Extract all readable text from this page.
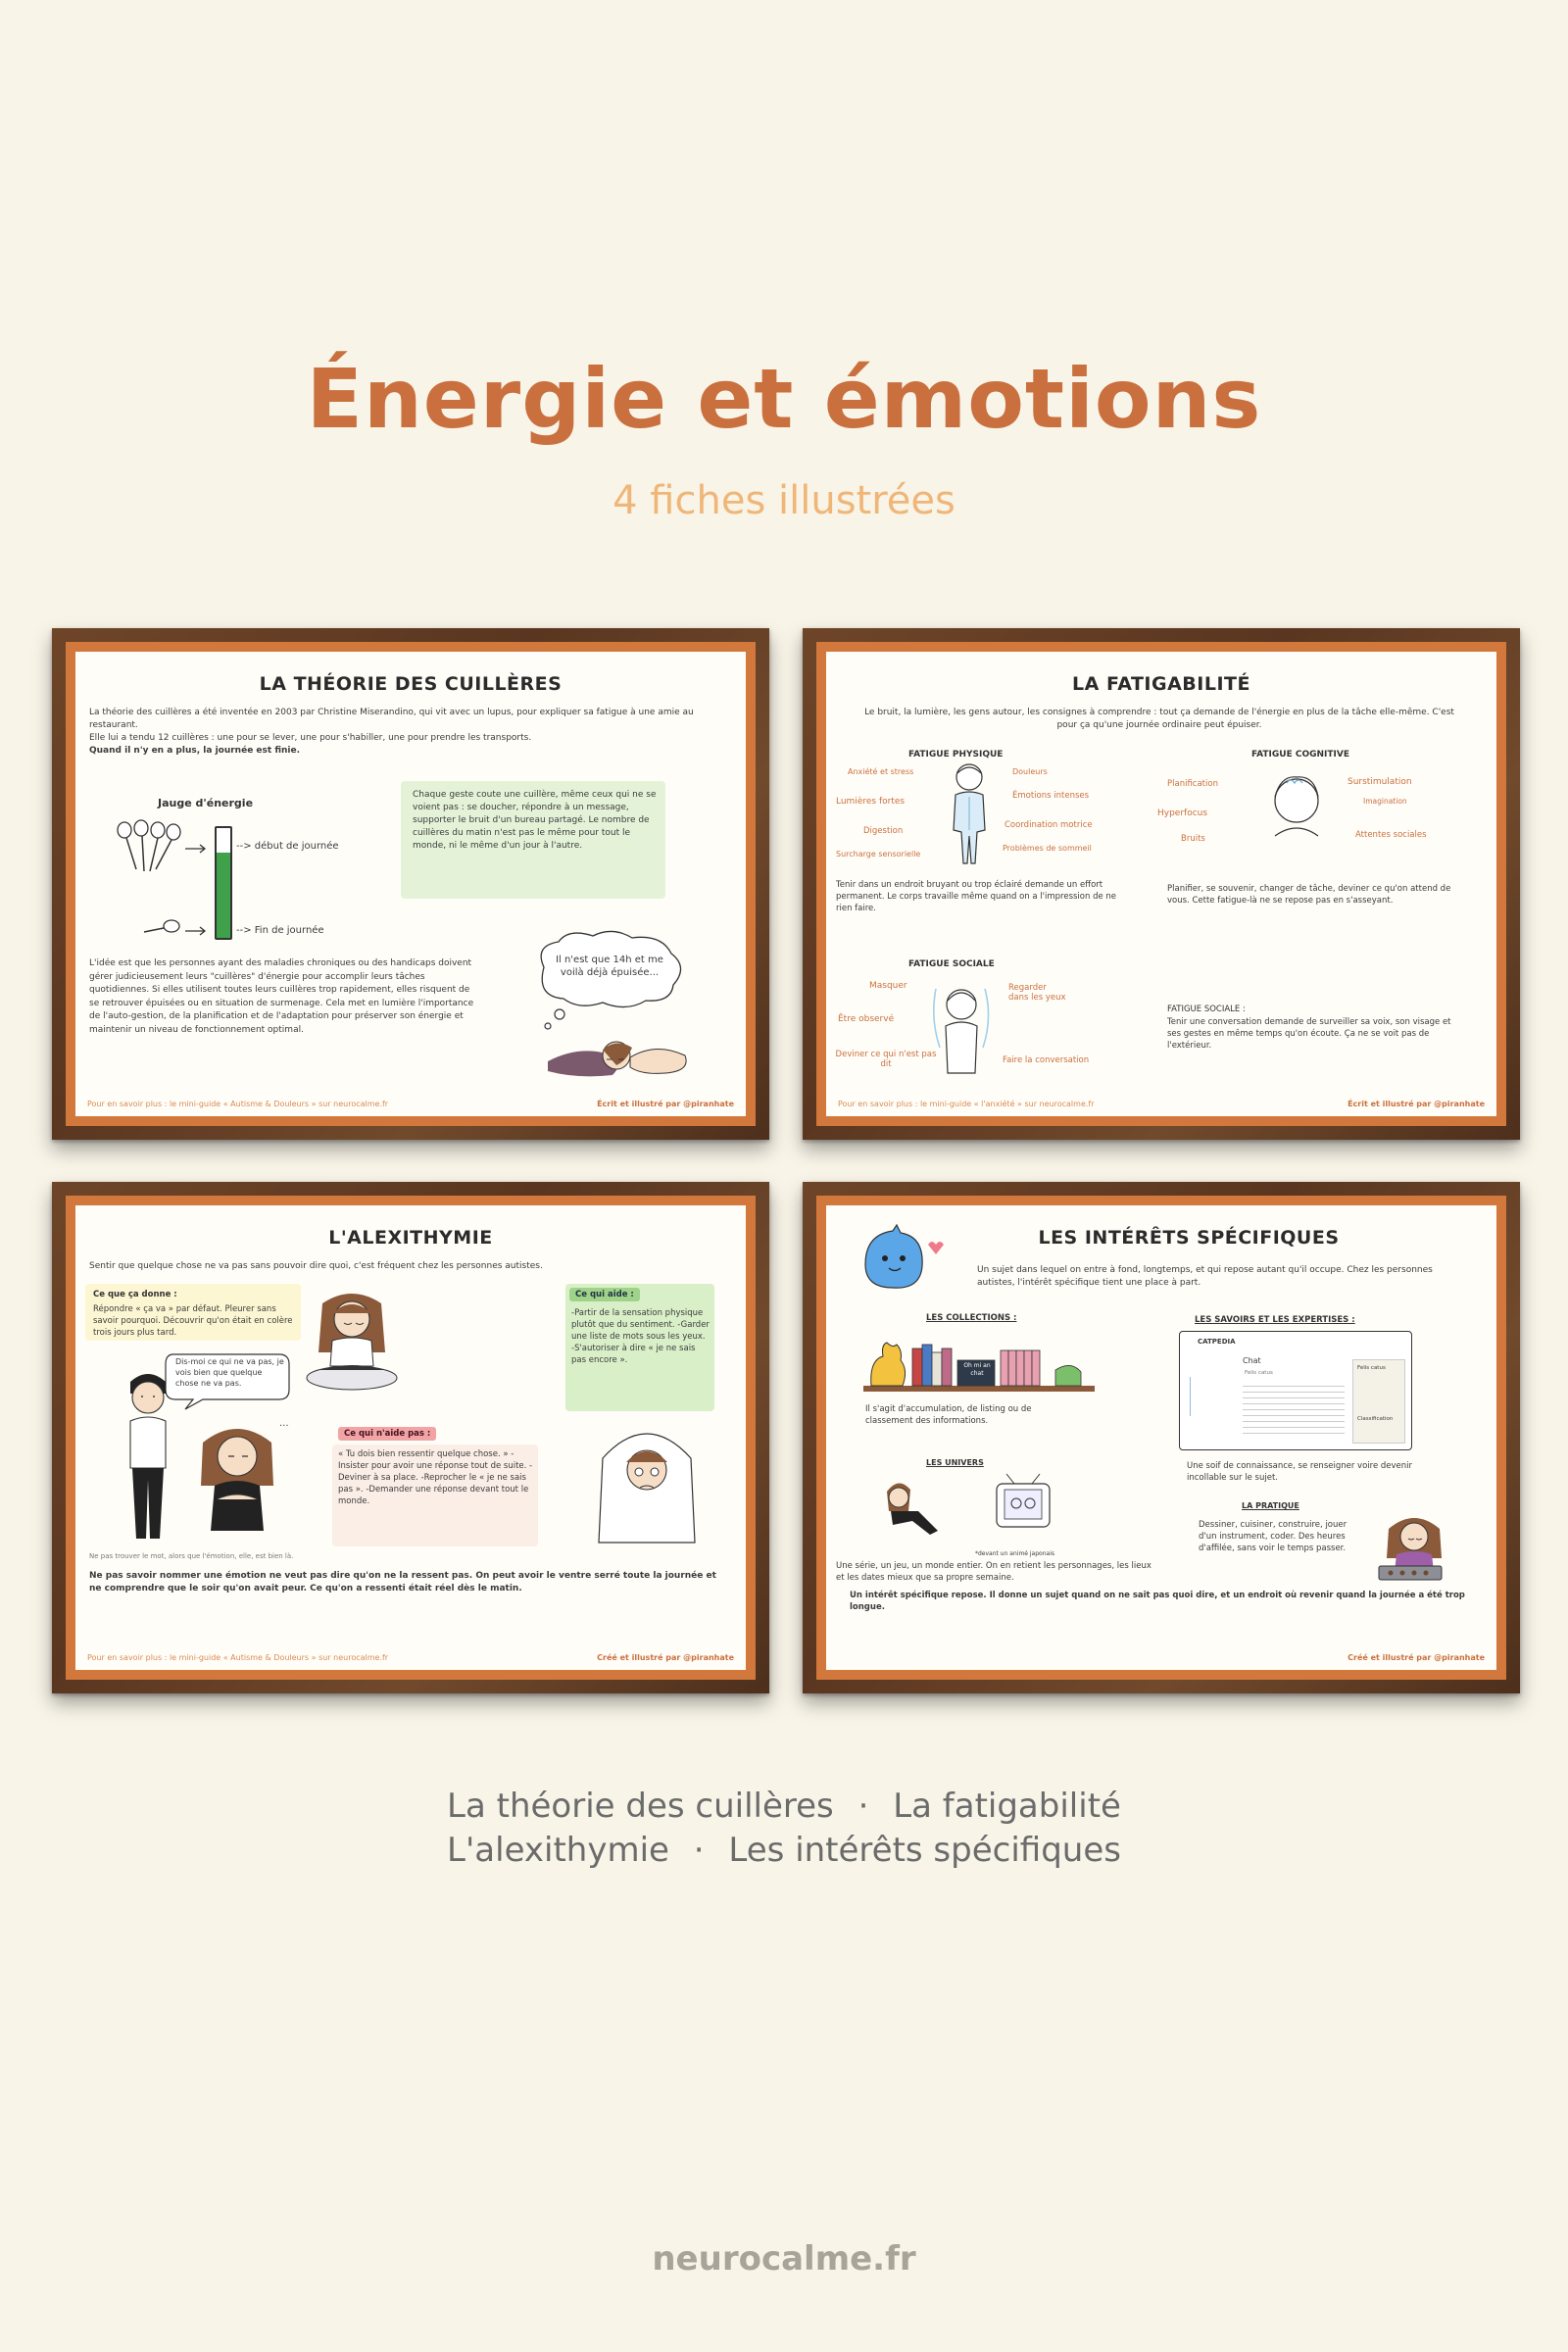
Énergie et émotions
4 fiches illustrées
LA THÉORIE DES CUILLÈRES
La théorie des cuillères a été inventée en 2003 par Christine Miserandino, qui vit avec un lupus, pour expliquer sa fatigue à une amie au restaurant.
Elle lui a tendu 12 cuillères : une pour se lever, une pour s'habiller, une pour prendre les transports.
Quand il n'y en a plus, la journée est finie.
Jauge d'énergie
--> début de journée
--> Fin de journée
Chaque geste coute une cuillère, même ceux qui ne se voient pas : se doucher, répondre à un message, supporter le bruit d'un bureau partagé. Le nombre de cuillères du matin n'est pas le même pour tout le monde, ni le même d'un jour à l'autre.
Il n'est que 14h et me voilà déjà épuisée...
L'idée est que les personnes ayant des maladies chroniques ou des handicaps doivent gérer judicieusement leurs "cuillères" d'énergie pour accomplir leurs tâches quotidiennes. Si elles utilisent toutes leurs cuillères trop rapidement, elles risquent de se retrouver épuisées ou en situation de surmenage. Cela met en lumière l'importance de l'auto-gestion, de la planification et de l'adaptation pour préserver son énergie et maintenir un niveau de fonctionnement optimal.
Pour en savoir plus : le mini-guide « Autisme & Douleurs » sur neurocalme.fr	Écrit et illustré par @piranhate
LA FATIGABILITÉ
Le bruit, la lumière, les gens autour, les consignes à comprendre : tout ça demande de l'énergie en plus de la tâche elle-même. C'est pour ça qu'une journée ordinaire peut épuiser.
FATIGUE PHYSIQUE
Anxiété et stress	Douleurs
Lumières fortes
Émotions intenses
Digestion
Coordination motrice
Surcharge sensorielle
Problèmes de sommeil
Tenir dans un endroit bruyant ou trop éclairé demande un effort permanent. Le corps travaille même quand on a l'impression de ne rien faire.
FATIGUE COGNITIVE
Planification	Surstimulation
Imagination
Hyperfocus
Bruits	Attentes sociales
Planifier, se souvenir, changer de tâche, deviner ce qu'on attend de vous. Cette fatigue-là ne se repose pas en s'asseyant.
FATIGUE SOCIALE
Masquer	Regarder dans les yeux
Être observé
Deviner ce qui n'est pas dit	Faire la conversation
FATIGUE SOCIALE :
Tenir une conversation demande de surveiller sa voix, son visage et ses gestes en même temps qu'on écoute. Ça ne se voit pas de l'extérieur.
Pour en savoir plus : le mini-guide « l'anxiété » sur neurocalme.fr	Écrit et illustré par @piranhate
L'ALEXITHYMIE
Sentir que quelque chose ne va pas sans pouvoir dire quoi, c'est fréquent chez les personnes autistes.
Ce que ça donne :
Répondre « ça va » par défaut. Pleurer sans savoir pourquoi. Découvrir qu'on était en colère trois jours plus tard.
Ce qui aide :
-Partir de la sensation physique plutôt que du sentiment. -Garder une liste de mots sous les yeux. -S'autoriser à dire « je ne sais pas encore ».
Dis-moi ce qui ne va pas, je vois bien que quelque chose ne va pas.
...
Ce qui n'aide pas :
« Tu dois bien ressentir quelque chose. » -Insister pour avoir une réponse tout de suite. -Deviner à sa place. -Reprocher le « je ne sais pas ». -Demander une réponse devant tout le monde.
Ne pas trouver le mot, alors que l'émotion, elle, est bien là.
Ne pas savoir nommer une émotion ne veut pas dire qu'on ne la ressent pas. On peut avoir le ventre serré toute la journée et ne comprendre que le soir qu'on avait peur. Ce qu'on a ressenti était réel dès le matin.
Pour en savoir plus : le mini-guide « Autisme & Douleurs » sur neurocalme.fr	Créé et illustré par @piranhate
LES INTÉRÊTS SPÉCIFIQUES
Un sujet dans lequel on entre à fond, longtemps, et qui repose autant qu'il occupe. Chez les personnes autistes, l'intérêt spécifique tient une place à part.
LES COLLECTIONS :
Oh mi an chat
Il s'agit d'accumulation, de listing ou de classement des informations.
LES SAVOIRS ET LES EXPERTISES :
CATPEDIA
Chat
Felis catus
Felis catus
Classification
Une soif de connaissance, se renseigner voire devenir incollable sur le sujet.
LES UNIVERS
*devant un animé japonais
Une série, un jeu, un monde entier. On en retient les personnages, les lieux et les dates mieux que sa propre semaine.
LA PRATIQUE
Dessiner, cuisiner, construire, jouer d'un instrument, coder. Des heures d'affilée, sans voir le temps passer.
Un intérêt spécifique repose. Il donne un sujet quand on ne sait pas quoi dire, et un endroit où revenir quand la journée a été trop longue.
Créé et illustré par @piranhate
La théorie des cuillères · La fatigabilité
L'alexithymie · Les intérêts spécifiques
neurocalme.fr
